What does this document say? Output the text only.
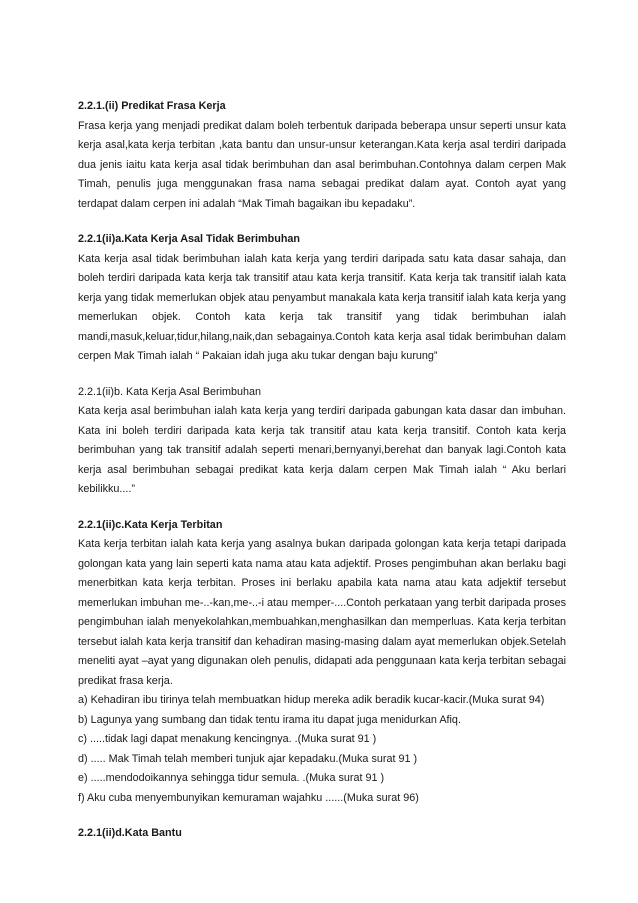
2.2.1.(ii) Predikat Frasa Kerja

Frasa kerja yang menjadi predikat dalam boleh terbentuk daripada beberapa unsur seperti unsur kata kerja asal,kata kerja terbitan ,kata bantu dan unsur-unsur keterangan.Kata kerja asal terdiri daripada dua jenis iaitu kata kerja asal tidak berimbuhan dan asal berimbuhan.Contohnya dalam cerpen Mak Timah, penulis juga menggunakan frasa nama sebagai predikat dalam ayat. Contoh ayat yang terdapat dalam cerpen ini adalah “Mak Timah bagaikan ibu kepadaku”.

2.2.1(ii)a.Kata Kerja Asal Tidak Berimbuhan

Kata kerja asal tidak berimbuhan ialah kata kerja yang terdiri daripada satu kata dasar sahaja, dan boleh terdiri daripada kata kerja tak transitif atau kata kerja transitif. Kata kerja tak transitif ialah kata kerja yang tidak memerlukan objek atau penyambut manakala kata kerja transitif ialah kata kerja yang memerlukan objek. Contoh kata kerja tak transitif yang tidak berimbuhan ialah mandi,masuk,keluar,tidur,hilang,naik,dan sebagainya.Contoh kata kerja asal tidak berimbuhan dalam cerpen Mak Timah ialah “ Pakaian idah juga aku tukar dengan baju kurung”

2.2.1(ii)b. Kata Kerja Asal Berimbuhan

Kata kerja asal berimbuhan ialah kata kerja yang terdiri daripada gabungan kata dasar dan imbuhan. Kata ini boleh terdiri daripada kata kerja tak transitif atau kata kerja transitif. Contoh kata kerja berimbuhan yang tak transitif adalah seperti menari,bernyanyi,berehat dan banyak lagi.Contoh kata kerja asal berimbuhan sebagai predikat kata kerja dalam cerpen Mak Timah ialah “ Aku berlari kebilikku....”

2.2.1(ii)c.Kata Kerja Terbitan

Kata kerja terbitan ialah kata kerja yang asalnya bukan daripada golongan kata kerja tetapi daripada golongan kata yang lain seperti kata nama atau kata adjektif. Proses pengimbuhan akan berlaku bagi menerbitkan kata kerja terbitan. Proses ini berlaku apabila kata nama atau kata adjektif tersebut memerlukan imbuhan me-..-kan,me-..-i atau memper-....Contoh perkataan yang terbit daripada proses pengimbuhan ialah menyekolahkan,membuahkan,menghasilkan dan memperluas. Kata kerja terbitan tersebut ialah kata kerja transitif dan kehadiran masing-masing dalam ayat memerlukan objek.Setelah meneliti ayat –ayat yang digunakan oleh penulis, didapati ada penggunaan kata kerja terbitan sebagai predikat frasa kerja.

a) Kehadiran ibu tirinya telah membuatkan hidup mereka adik beradik kucar-kacir.(Muka surat 94)

b) Lagunya yang sumbang dan tidak tentu irama itu dapat juga menidurkan Afiq.

c) .....tidak lagi dapat menakung kencingnya. .(Muka surat 91 )

d) ..... Mak Timah telah memberi tunjuk ajar kepadaku.(Muka surat 91 )

e) .....mendodoikannya sehingga tidur semula. .(Muka surat 91 )

f) Aku cuba menyembunyikan kemuraman wajahku ......(Muka surat 96)

2.2.1(ii)d.Kata Bantu
